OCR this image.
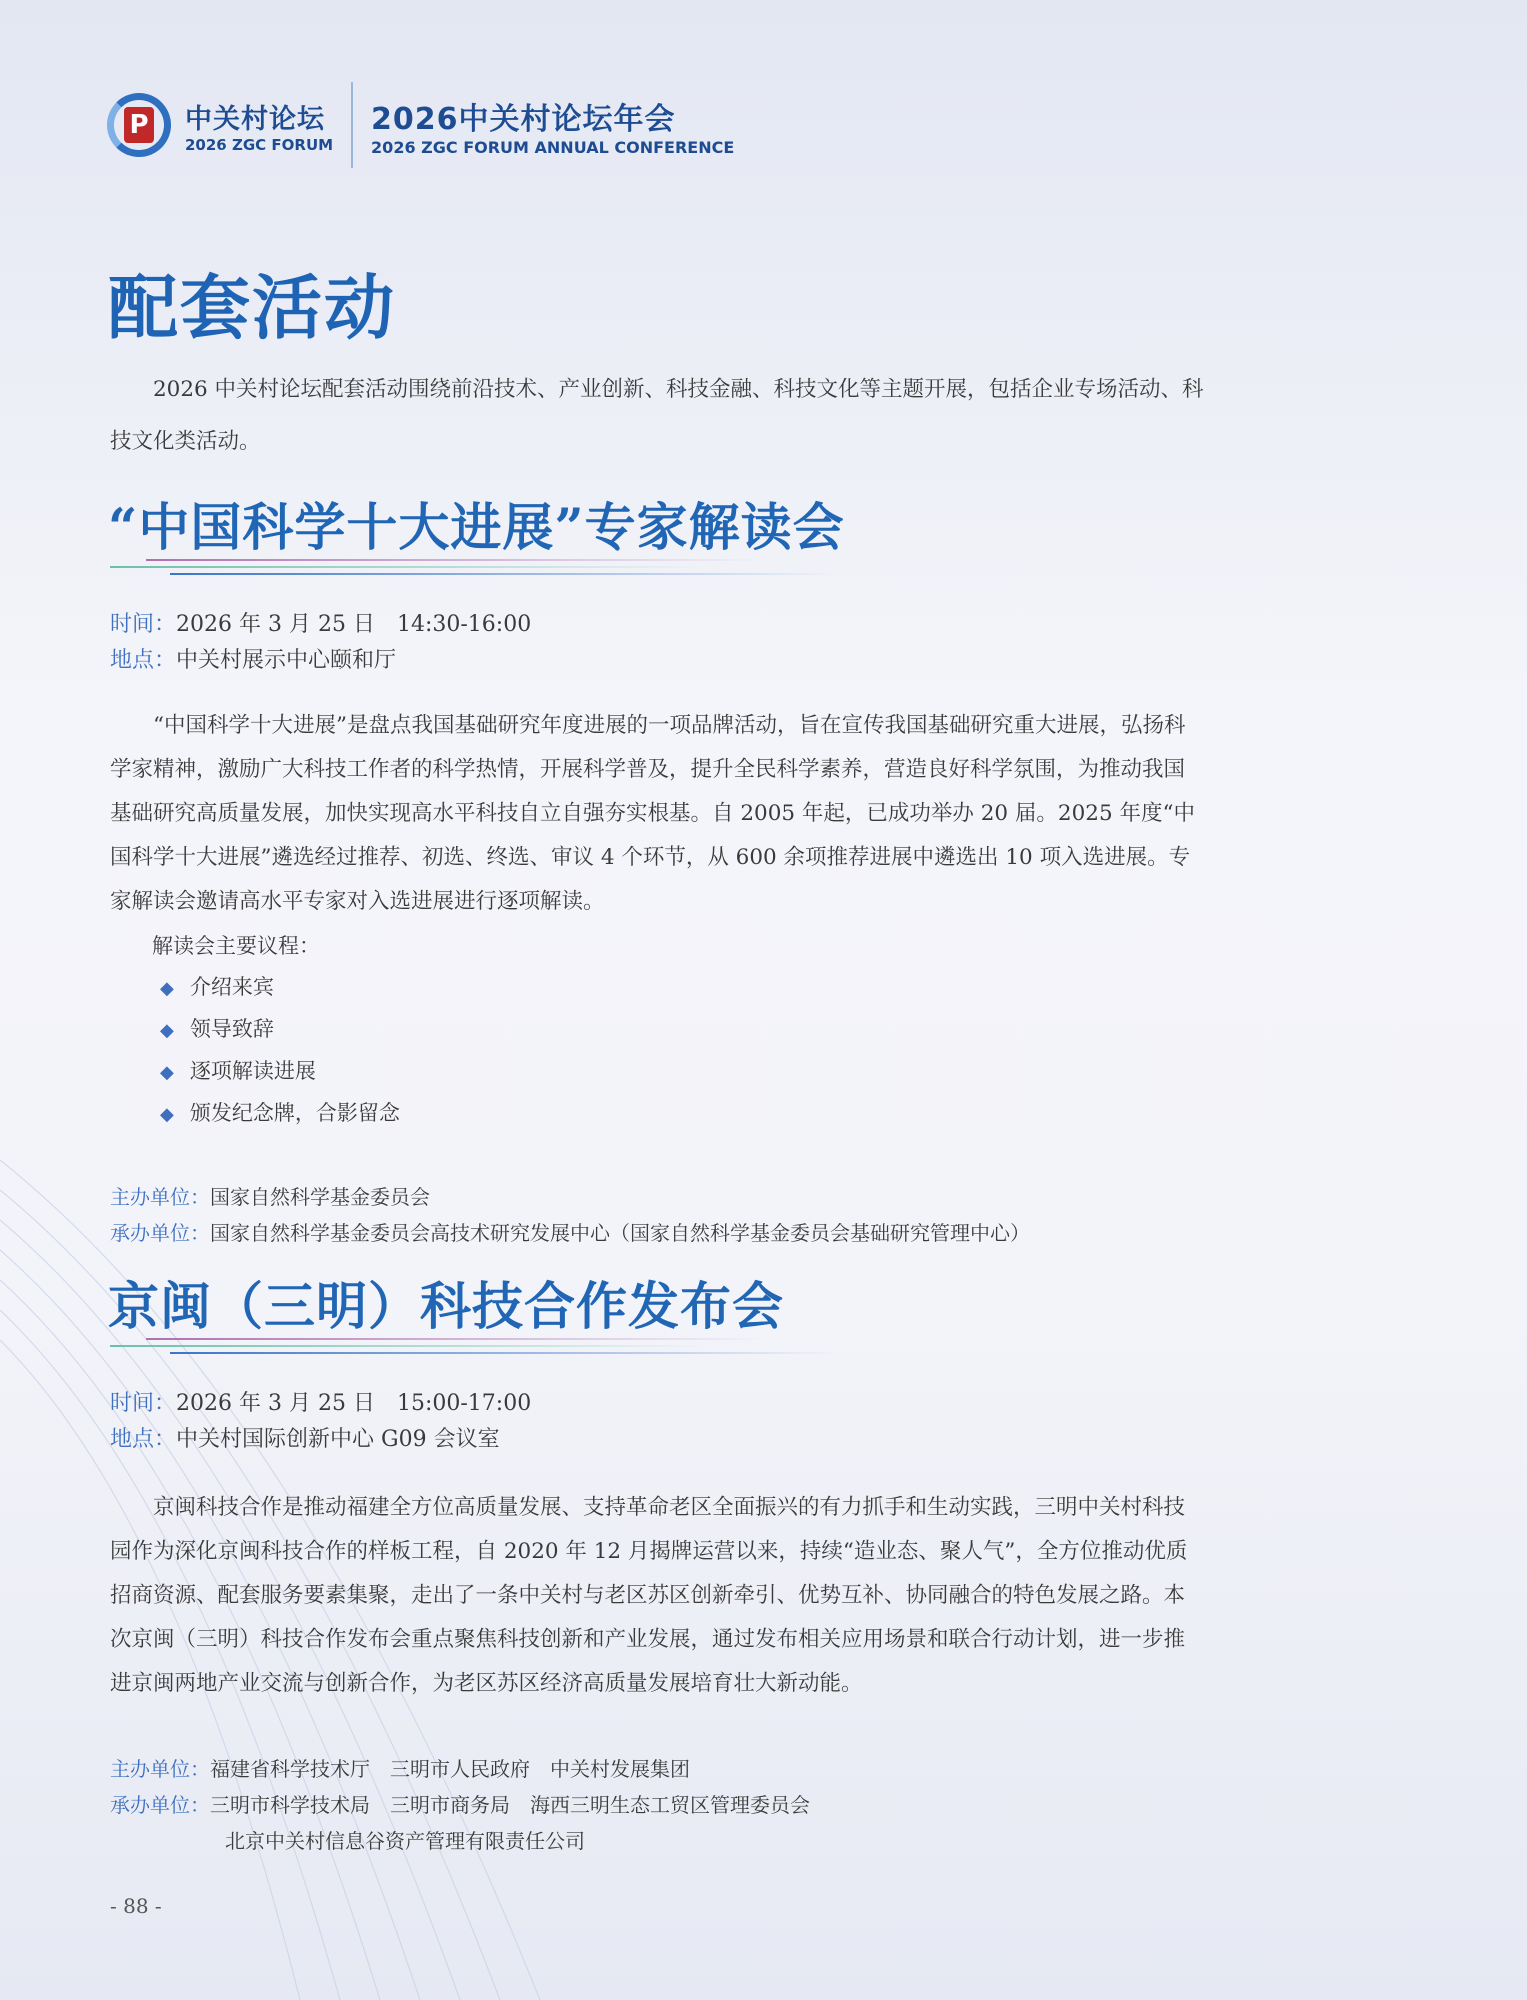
P 中关村论坛
2026 ZGC FORUM
2026中关村论坛年会
2026 ZGC FORUM ANNUAL CONFERENCE
配套活动
2026 中关村论坛配套活动围绕前沿技术、产业创新、科技金融、科技文化等主题开展，包括企业专场活动、科技文化类活动。
“中国科学十大进展”专家解读会
时间：2026 年 3 月 25 日　14:30-16:00
地点：中关村展示中心颐和厅

“中国科学十大进展”是盘点我国基础研究年度进展的一项品牌活动，旨在宣传我国基础研究重大进展，弘扬科学家精神，激励广大科技工作者的科学热情，开展科学普及，提升全民科学素养，营造良好科学氛围，为推动我国基础研究高质量发展，加快实现高水平科技自立自强夯实根基。自 2005 年起，已成功举办 20 届。2025 年度“中国科学十大进展”遴选经过推荐、初选、终选、审议 4 个环节，从 600 余项推荐进展中遴选出 10 项入选进展。专家解读会邀请高水平专家对入选进展进行逐项解读。

解读会主要议程：

◆ 介绍来宾
◆ 领导致辞
◆ 逐项解读进展
◆ 颁发纪念牌，合影留念
主办单位：国家自然科学基金委员会
承办单位：国家自然科学基金委员会高技术研究发展中心（国家自然科学基金委员会基础研究管理中心）
京闽（三明）科技合作发布会
时间：2026 年 3 月 25 日　15:00-17:00
地点：中关村国际创新中心 G09 会议室

京闽科技合作是推动福建全方位高质量发展、支持革命老区全面振兴的有力抓手和生动实践，三明中关村科技园作为深化京闽科技合作的样板工程，自 2020 年 12 月揭牌运营以来，持续“造业态、聚人气”，全方位推动优质招商资源、配套服务要素集聚，走出了一条中关村与老区苏区创新牵引、优势互补、协同融合的特色发展之路。本次京闽（三明）科技合作发布会重点聚焦科技创新和产业发展，通过发布相关应用场景和联合行动计划，进一步推进京闽两地产业交流与创新合作，为老区苏区经济高质量发展培育壮大新动能。

主办单位：福建省科学技术厅　三明市人民政府　中关村发展集团
承办单位：三明市科学技术局　三明市商务局　海西三明生态工贸区管理委员会
北京中关村信息谷资产管理有限责任公司
- 88 -
